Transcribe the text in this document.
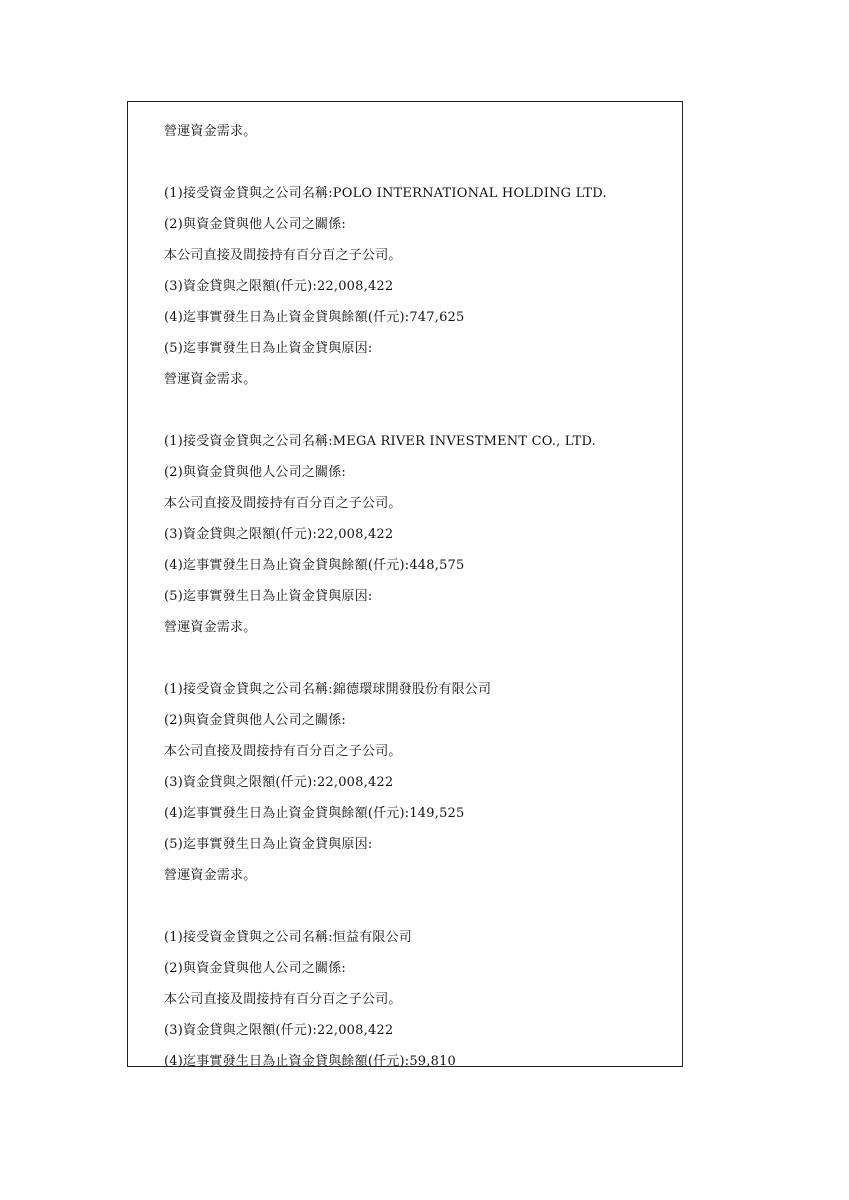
營運資金需求。
(1)接受資金貸與之公司名稱:POLO INTERNATIONAL HOLDING LTD.
(2)與資金貸與他人公司之關係:
本公司直接及間接持有百分百之子公司。
(3)資金貸與之限額(仟元):22,008,422
(4)迄事實發生日為止資金貸與餘額(仟元):747,625
(5)迄事實發生日為止資金貸與原因:
營運資金需求。
(1)接受資金貸與之公司名稱:MEGA RIVER INVESTMENT CO., LTD.
(2)與資金貸與他人公司之關係:
本公司直接及間接持有百分百之子公司。
(3)資金貸與之限額(仟元):22,008,422
(4)迄事實發生日為止資金貸與餘額(仟元):448,575
(5)迄事實發生日為止資金貸與原因:
營運資金需求。
(1)接受資金貸與之公司名稱:錦德環球開發股份有限公司
(2)與資金貸與他人公司之關係:
本公司直接及間接持有百分百之子公司。
(3)資金貸與之限額(仟元):22,008,422
(4)迄事實發生日為止資金貸與餘額(仟元):149,525
(5)迄事實發生日為止資金貸與原因:
營運資金需求。
(1)接受資金貸與之公司名稱:恒益有限公司
(2)與資金貸與他人公司之關係:
本公司直接及間接持有百分百之子公司。
(3)資金貸與之限額(仟元):22,008,422
(4)迄事實發生日為止資金貸與餘額(仟元):59,810
